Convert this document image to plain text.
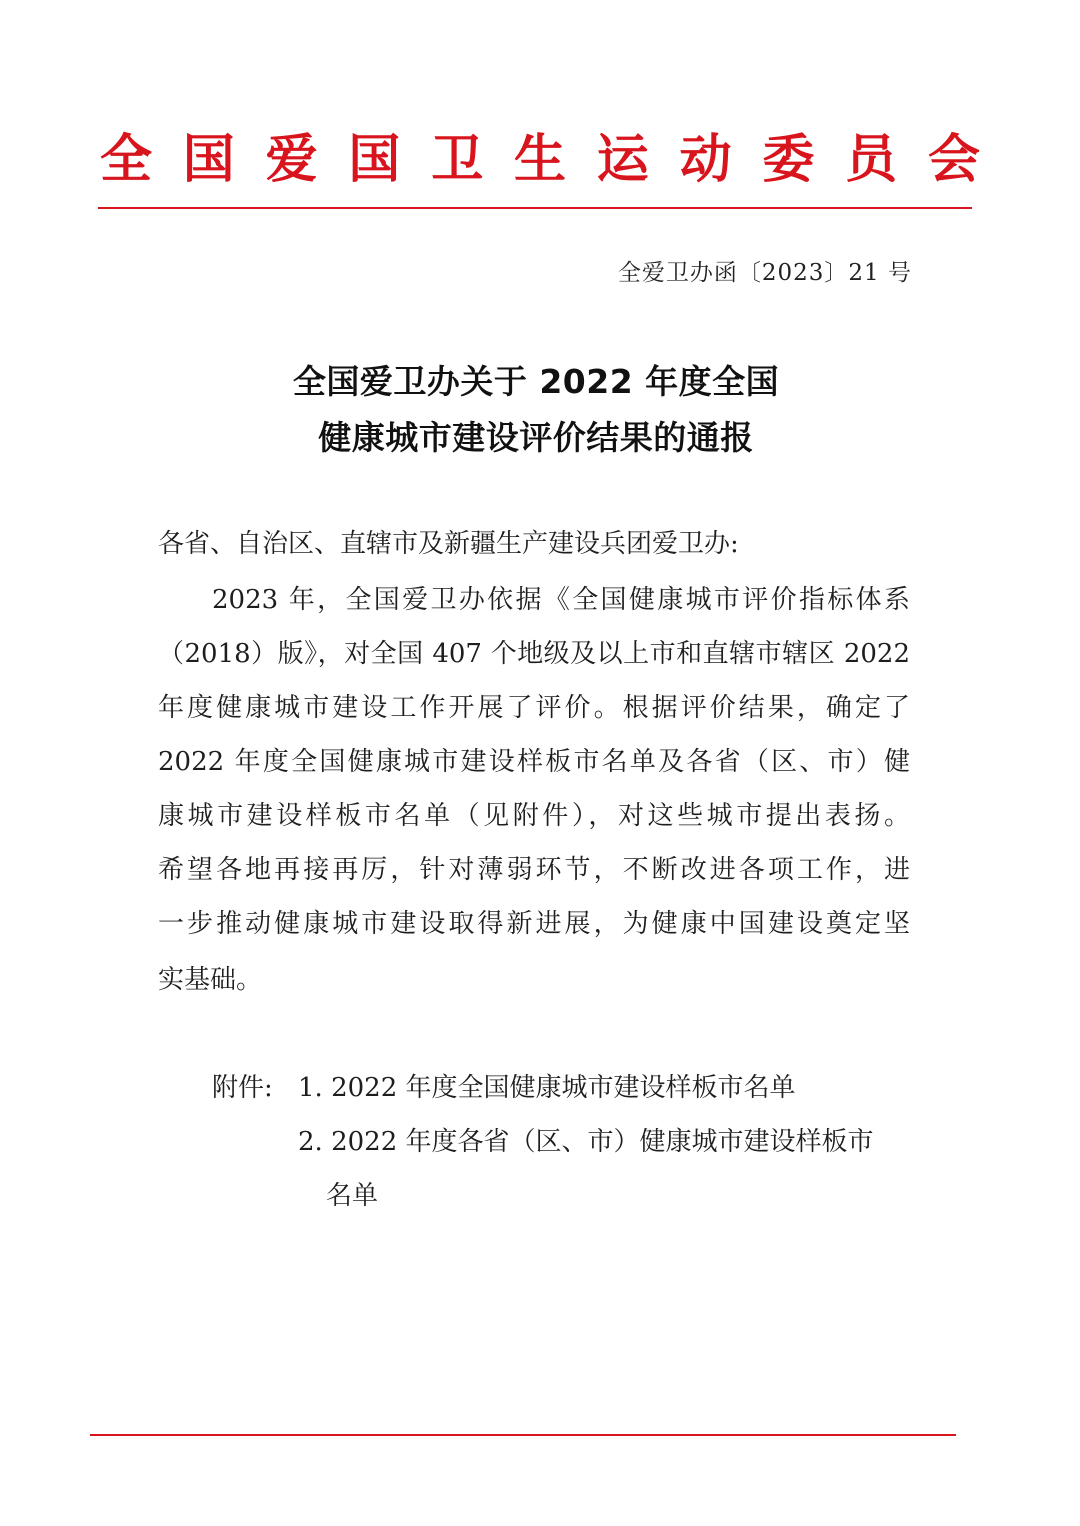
全 国 爱 国 卫 生 运 动 委 员 会
全爱卫办函〔2023〕21 号
全国爱卫办关于 2022 年度全国
健康城市建设评价结果的通报
各省、自治区、直辖市及新疆生产建设兵团爱卫办:
2023 年，全国爱卫办依据《全国健康城市评价指标体系
（2018）版》，对全国 407 个地级及以上市和直辖市辖区 2022
年度健康城市建设工作开展了评价。根据评价结果，确定了
2022 年度全国健康城市建设样板市名单及各省（区、市）健
康城市建设样板市名单（见附件），对这些城市提出表扬。
希望各地再接再厉，针对薄弱环节，不断改进各项工作，进
一步推动健康城市建设取得新进展，为健康中国建设奠定坚
实基础。
附件: 1. 2022 年度全国健康城市建设样板市名单
2. 2022 年度各省（区、市）健康城市建设样板市
名单
